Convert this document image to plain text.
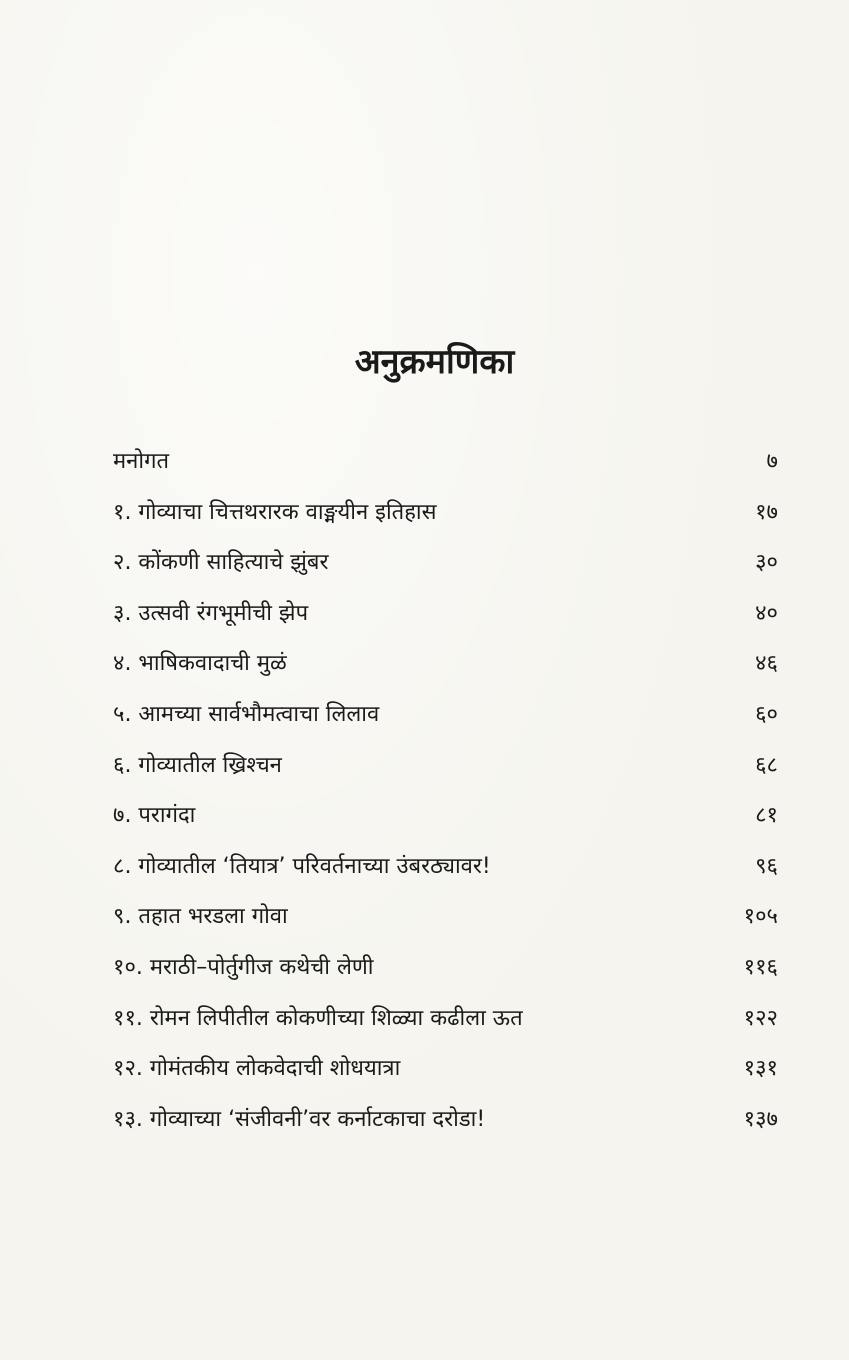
अनुक्रमणिका
मनोगत	७
१. गोव्याचा चित्तथरारक वाङ्मयीन इतिहास	१७
२. कोंकणी साहित्याचे झुंबर	३०
३. उत्सवी रंगभूमीची झेप	४०
४. भाषिकवादाची मुळं	४६
५. आमच्या सार्वभौमत्वाचा लिलाव	६०
६. गोव्यातील ख्रिश्चन	६८
७. परागंदा	८१
८. गोव्यातील ‘तियात्र’ परिवर्तनाच्या उंबरठ्यावर!	९६
९. तहात भरडला गोवा	१०५
१०. मराठी–पोर्तुगीज कथेची लेणी	११६
११. रोमन लिपीतील कोकणीच्या शिळ्या कढीला ऊत	१२२
१२. गोमंतकीय लोकवेदाची शोधयात्रा	१३१
१३. गोव्याच्या ‘संजीवनी’वर कर्नाटकाचा दरोडा!	१३७
